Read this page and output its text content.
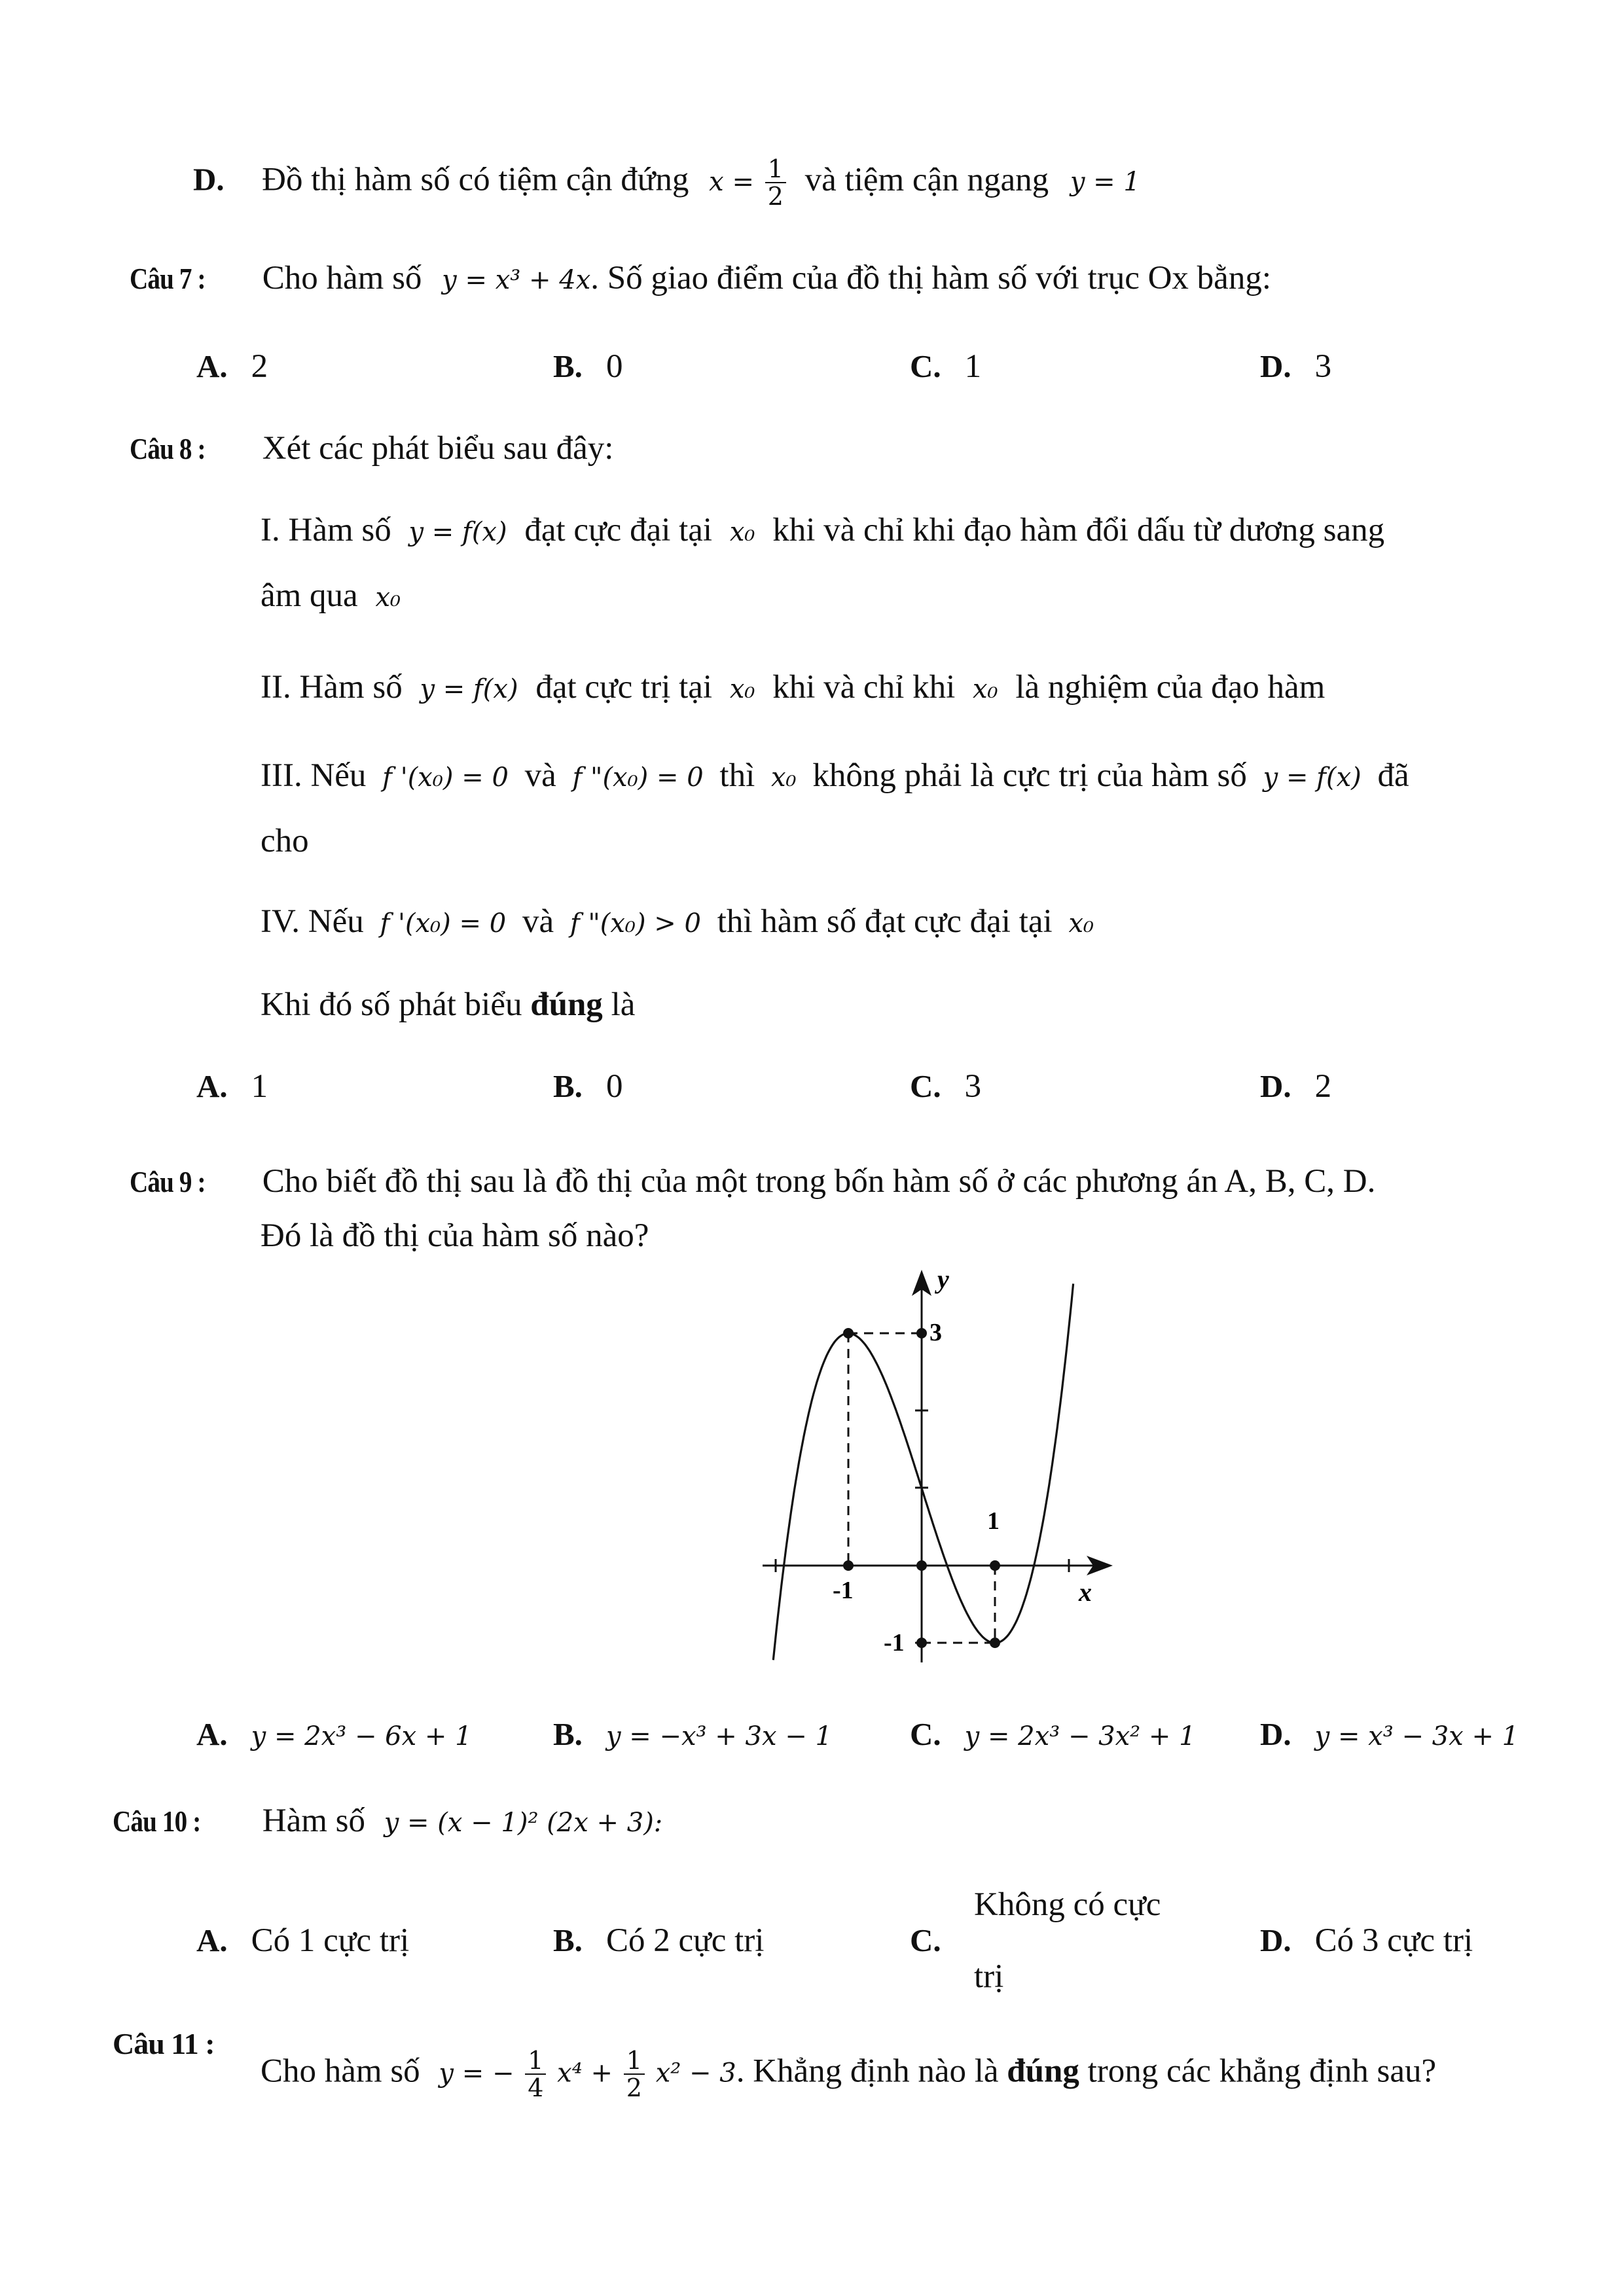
D. Đồ thị hàm số có tiệm cận đứng $x = \frac{1}{2}$ và tiệm cận ngang y = 1
Câu 7 : Cho hàm số y = x³ + 4x. Số giao điểm của đồ thị hàm số với trục Ox bằng:
A. 2	B. 0	C. 1	D. 3
Câu 8 : Xét các phát biểu sau đây:
I. Hàm số y = f(x) đạt cực đại tại x₀ khi và chỉ khi đạo hàm đổi dấu từ dương sang
âm qua x₀
II. Hàm số y = f(x) đạt cực trị tại x₀ khi và chỉ khi x₀ là nghiệm của đạo hàm
III. Nếu f '(x₀) = 0 và f "(x₀) = 0 thì x₀ không phải là cực trị của hàm số y = f(x) đã
cho
IV. Nếu f '(x₀) = 0 và f "(x₀) > 0 thì hàm số đạt cực đại tại x₀
Khi đó số phát biểu đúng là
A. 1	B. 0	C. 3	D. 2
Câu 9 : Cho biết đồ thị sau là đồ thị của một trong bốn hàm số ở các phương án A, B, C, D.
Đó là đồ thị của hàm số nào?
y
3
1
x
-1
-1
A. y = 2x³ − 6x + 1	B. y = −x³ + 3x − 1 C. y = 2x³ − 3x² + 1 D. y = x³ − 3x + 1
Câu 10 : Hàm số y = (x − 1)² (2x + 3):
A. Có 1 cực trị	B. Có 2 cực trị	C.
Không có cực
trị
D. Có 3 cực trị
Câu 11 :
Cho hàm số y = − $\frac{1}{4} x^4 + \frac{1}{2} x^2 - 3$. Khẳng định nào là đúng trong các khẳng định sau?
